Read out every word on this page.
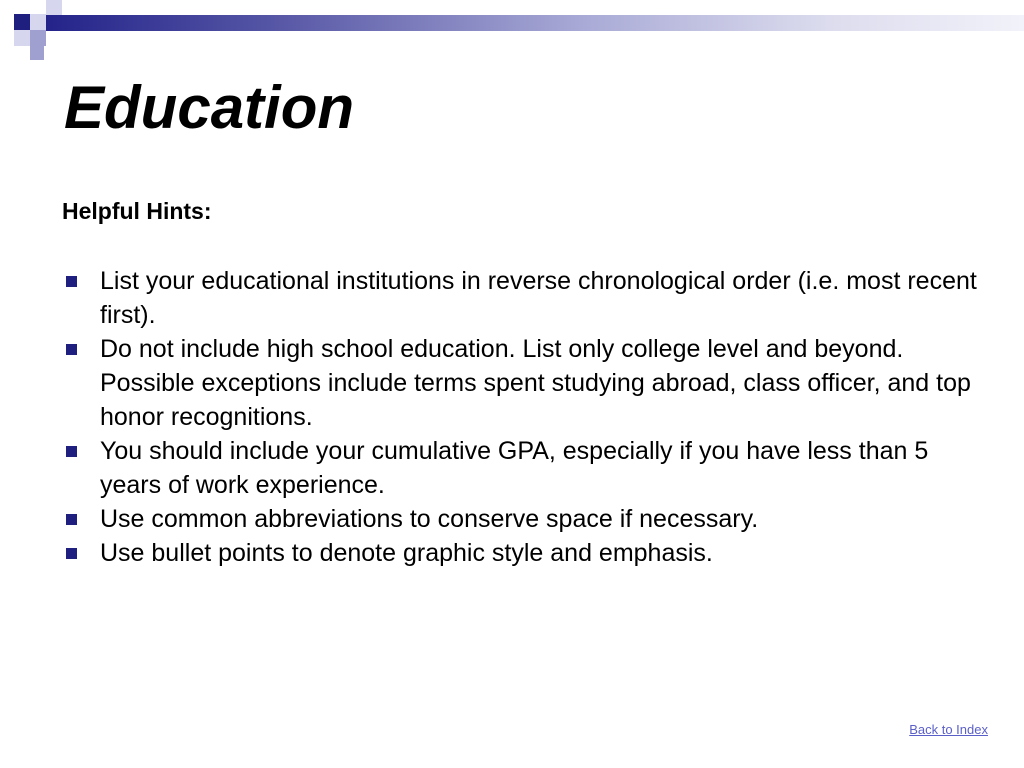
Education

Helpful Hints:

List your educational institutions in reverse chronological order (i.e. most recent first).
Do not include high school education. List only college level and beyond. Possible exceptions include terms spent studying abroad, class officer, and top honor recognitions.
You should include your cumulative GPA, especially if you have less than 5 years of work experience.
Use common abbreviations to conserve space if necessary.
Use bullet points to denote graphic style and emphasis.
Back to Index
